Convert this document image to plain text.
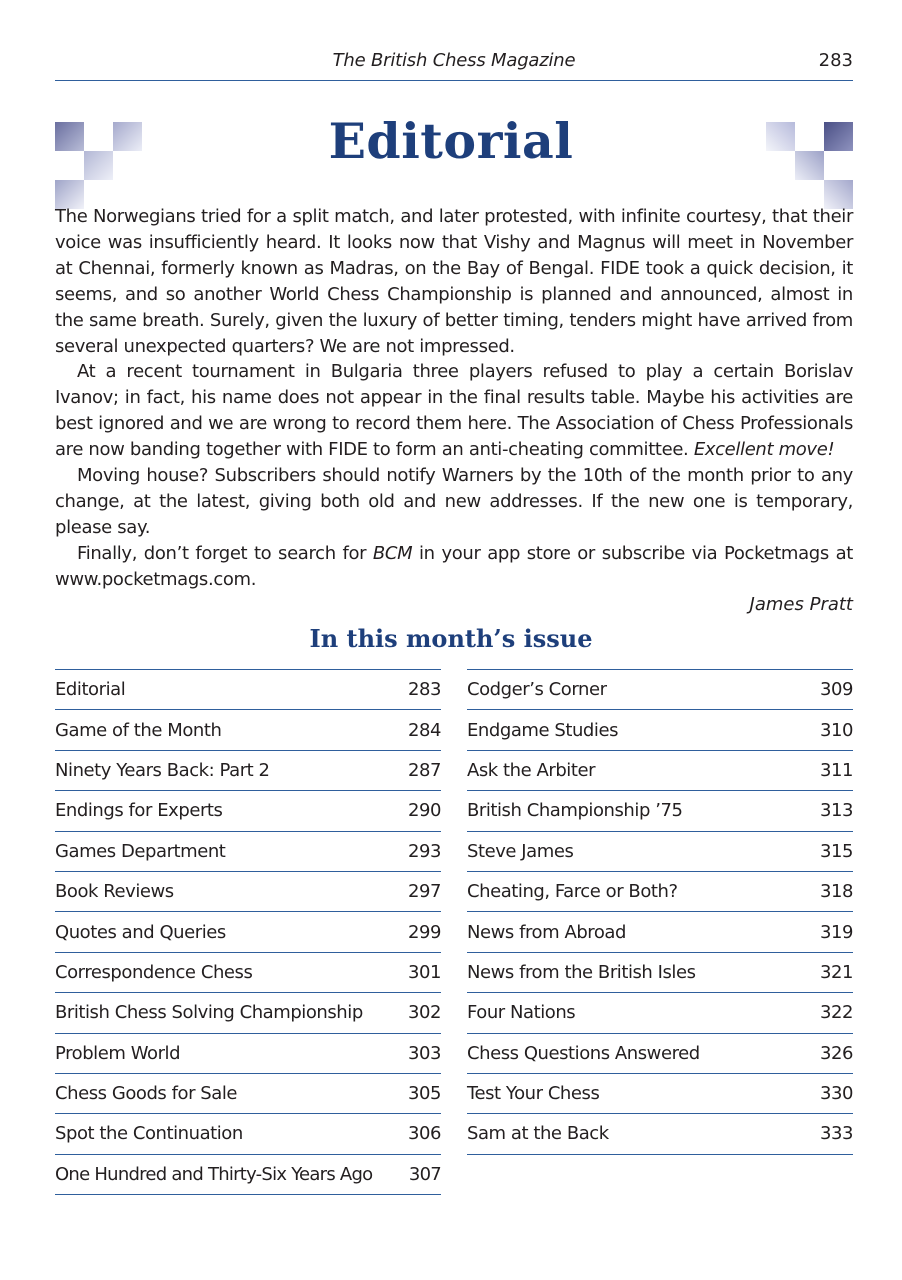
The British Chess Magazine	283
Editorial

The Norwegians tried for a split match, and later protested, with infinite courtesy, that their voice was insufficiently heard. It looks now that Vishy and Magnus will meet in November at Chennai, formerly known as Madras, on the Bay of Bengal. FIDE took a quick decision, it seems, and so another World Chess Championship is planned and announced, almost in the same breath. Surely, given the luxury of better timing, tenders might have arrived from several unexpected quarters? We are not impressed.

At a recent tournament in Bulgaria three players refused to play a certain Borislav Ivanov; in fact, his name does not appear in the final results table. Maybe his activities are best ignored and we are wrong to record them here. The Association of Chess Professionals are now banding together with FIDE to form an anti-cheating committee. Excellent move!

Moving house? Subscribers should notify Warners by the 10th of the month prior to any change, at the latest, giving both old and new addresses. If the new one is temporary, please say.

Finally, don’t forget to search for BCM in your app store or subscribe via Pocketmags at www.pocketmags.com.

James Pratt
In this month’s issue
Editorial	283
Game of the Month	284
Ninety Years Back: Part 2	287
Endings for Experts	290
Games Department	293
Book Reviews	297
Quotes and Queries	299
Correspondence Chess	301
British Chess Solving Championship	302
Problem World	303
Chess Goods for Sale	305
Spot the Continuation	306
One Hundred and Thirty-Six Years Ago 307
Codger’s Corner	309
Endgame Studies	310
Ask the Arbiter	311
British Championship ’75	313
Steve James	315
Cheating, Farce or Both?	318
News from Abroad	319
News from the British Isles	321
Four Nations	322
Chess Questions Answered	326
Test Your Chess	330
Sam at the Back	333
